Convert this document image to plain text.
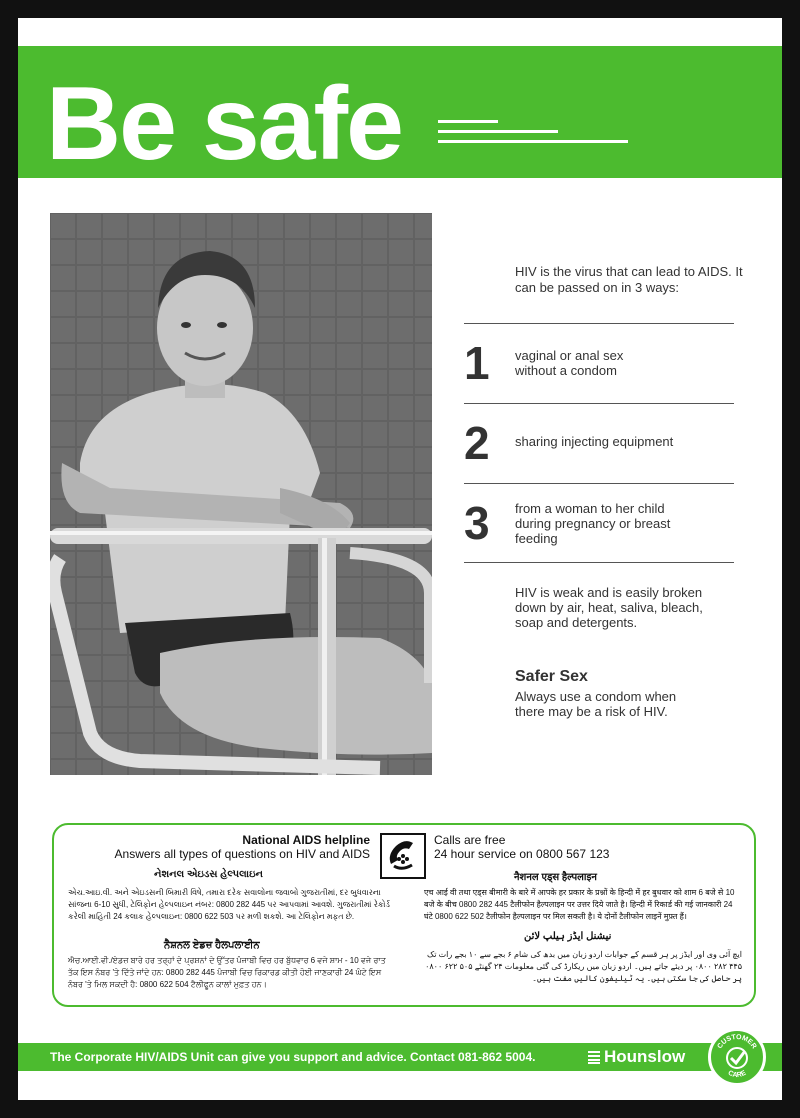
Be safe
HIV is the virus that can lead to AIDS. It can be passed on in 3 ways:
1 vaginal or anal sex without a condom
2 sharing injecting equipment
3 from a woman to her child during pregnancy or breast feeding
HIV is weak and is easily broken down by air, heat, saliva, bleach, soap and detergents.
Safer Sex
Always use a condom when there may be a risk of HIV.
National AIDS helpline
Answers all types of questions on HIV and AIDS
Calls are free
24 hour service on 0800 567 123
નેશનલ એઇડસ હેલ્પલાઇન
એચ.આઇ.વી. અને એઇડસની બિમારી વિષે, તમારા દરેક સવાલોના જવાબો ગુજરાતીમાં, દર બુધવારના સાંજના 6-10 સુધી, ટેલિફોન હેલ્પલાઇન નંબર: 0800 282 445 પર આપવામાં આવશે. ગુજરાતીમાં રેકોર્ડ કરેલી માહિતી 24 કલાક હેલ્પલાઇન: 0800 622 503 પર મળી શકશે. આ ટેલિફોન મફત છે.
ਨੈਸ਼ਨਲ ਏਡਜ਼ ਹੈਲਪਲਾਈਨ
ਐਚ.ਆਈ.ਵੀ./ਏਡਜ਼ ਬਾਰੇ ਹਰ ਤਰ੍ਹਾਂ ਦੇ ਪ੍ਰਸ਼ਨਾਂ ਦੇ ਉੱਤਰ ਪੰਜਾਬੀ ਵਿਚ ਹਰ ਬੁੱਧਵਾਰ 6 ਵਜੇ ਸ਼ਾਮ - 10 ਵਜੇ ਰਾਤ ਤੱਕ ਇਸ ਨੰਬਰ 'ਤੇ ਦਿੱਤੇ ਜਾਂਦੇ ਹਨ: 0800 282 445 ਪੰਜਾਬੀ ਵਿਚ ਰਿਕਾਰਡ ਕੀਤੀ ਹੋਈ ਜਾਣਕਾਰੀ 24 ਘੰਟੇ ਇਸ ਨੰਬਰ 'ਤੇ ਮਿਲ ਸਕਦੀ ਹੈ: 0800 622 504 ਟੈਲੀਫੂਨ ਕਾਲਾਂ ਮੁਫ਼ਤ ਹਨ।
नैशनल एड्स हैल्पलाइन
एच आई वी तथा एड्स बीमारी के बारे में आपके हर प्रकार के प्रश्नों के हिन्दी में हर बुधवार को शाम 6 बजे से 10 बजे के बीच 0800 282 445 टैलीफोन हैल्पलाइन पर उत्तर दिये जाते है। हिन्दी में रिकार्ड की गई जानकारी 24 घंटे 0800 622 502 टैलीफोन हैल्पलाइन पर मिल सकती है। ये दोनों टैलीफोन लाइनें मुफ़्त हैं।
نیشنل ایڈز ہیلپ لائن
ایچ آئی وی اور ایڈز پر ہر قسم کے جوابات اردو زبان میں بدھ کی شام ۶ بجے سے ۱۰ بجے رات تک ۴۴۵ ۲۸۲ ۰۸۰۰ پر دیئے جاتے ہیں۔ اردو زبان میں ریکارڈ کی گئی معلومات ۲۴ گھنٹے ۵۰۵ ۶۲۲ ۰۸۰۰ پر حاصل کی جا سکتی ہیں۔ یہ ٹیلیفون کالیں مفت ہیں۔
The Corporate HIV/AIDS Unit can give you support and advice. Contact 081-862 5004.	Hounslow
CUSTOMER
CARE
